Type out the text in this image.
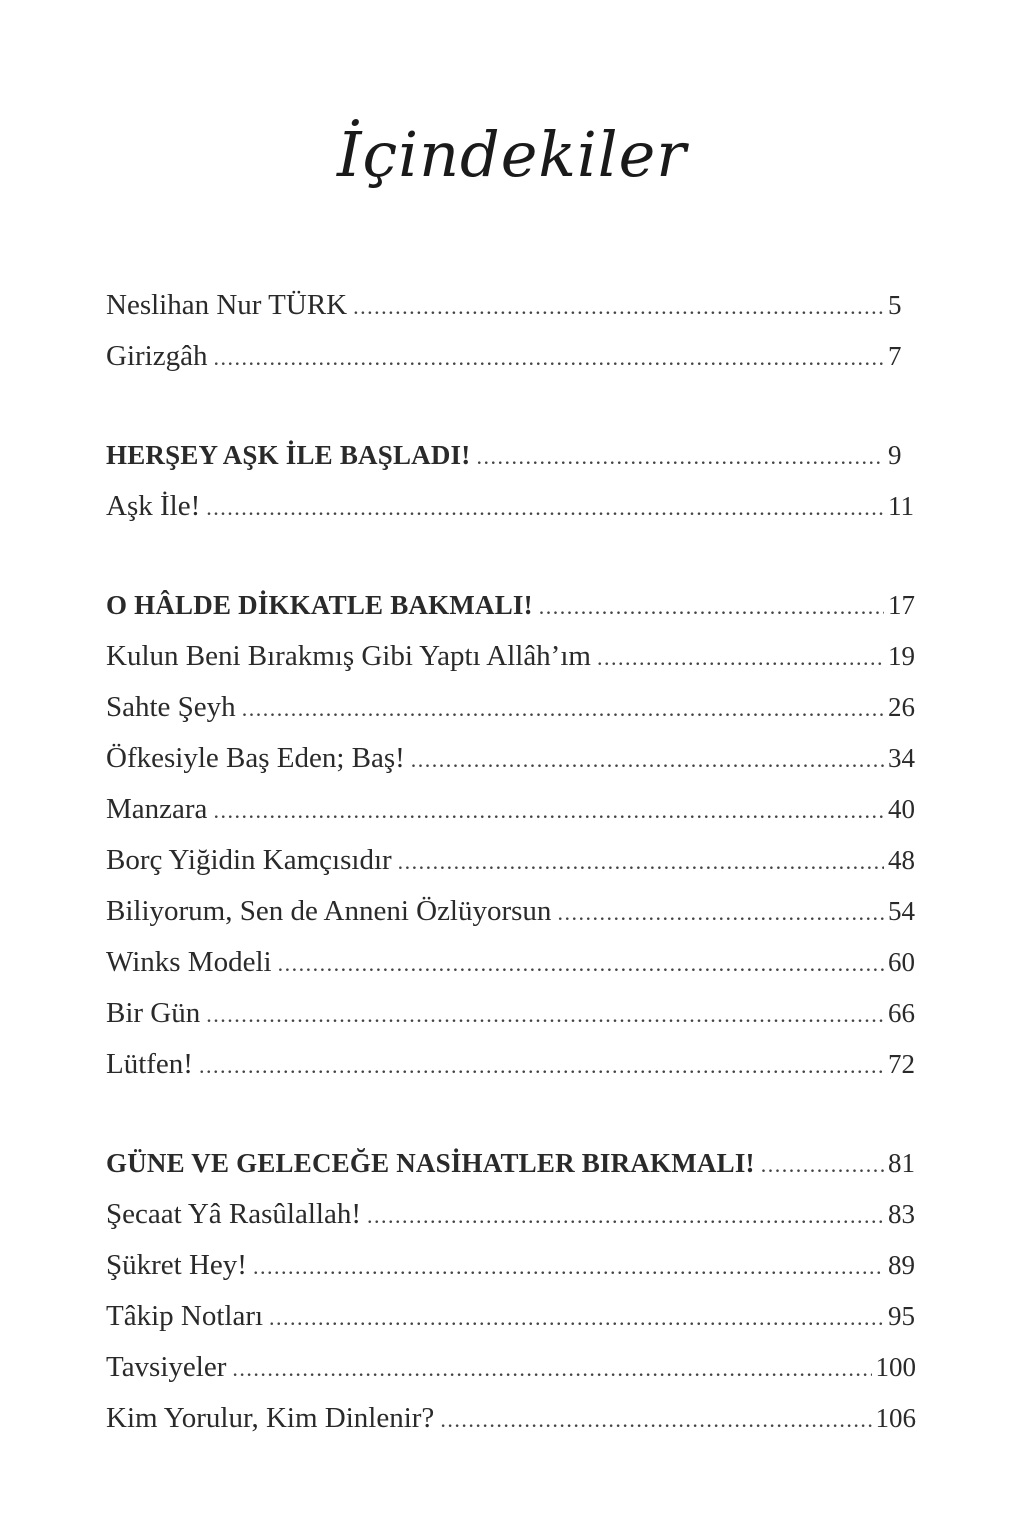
İçindekiler
Neslihan Nur TÜRK .....	5
Girizgâh .....	7
HERŞEY AŞK İLE BAŞLADI! .....	9
Aşk İle! .....	11
O HÂLDE DİKKATLE BAKMALI! .....	17
Kulun Beni Bırakmış Gibi Yaptı Allâh’ım .....	19
Sahte Şeyh .....	26
Öfkesiyle Baş Eden; Baş! .....	34
Manzara .....	40
Borç Yiğidin Kamçısıdır .....	48
Biliyorum, Sen de Anneni Özlüyorsun .....	54
Winks Modeli .....	60
Bir Gün .....	66
Lütfen! .....	72
GÜNE VE GELECEĞE NASİHATLER BIRAKMALI! .....	81
Şecaat Yâ Rasûlallah! .....	83
Şükret Hey! .....	89
Tâkip Notları .....	95
Tavsiyeler .....	100
Kim Yorulur, Kim Dinlenir? .....	106
